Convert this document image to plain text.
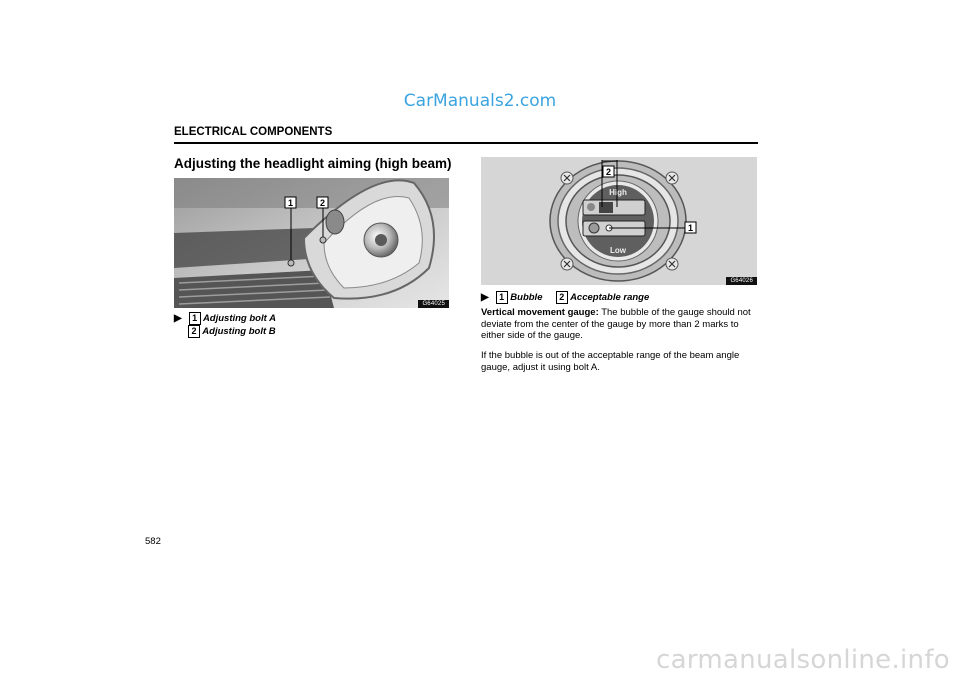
CarManuals2.com
ELECTRICAL COMPONENTS
Adjusting the headlight aiming (high beam)
1	2
G64025
▶ 1 Adjusting bolt A
2 Adjusting bolt B
High
Low
2
1
G64026
▶ 1 Bubble 2 Acceptable range
Vertical movement gauge: The bubble of the gauge should not deviate from the center of the gauge by more than 2 marks to either side of the gauge.
If the bubble is out of the acceptable range of the beam angle gauge, adjust it using bolt A.
582
carmanualsonline.info
